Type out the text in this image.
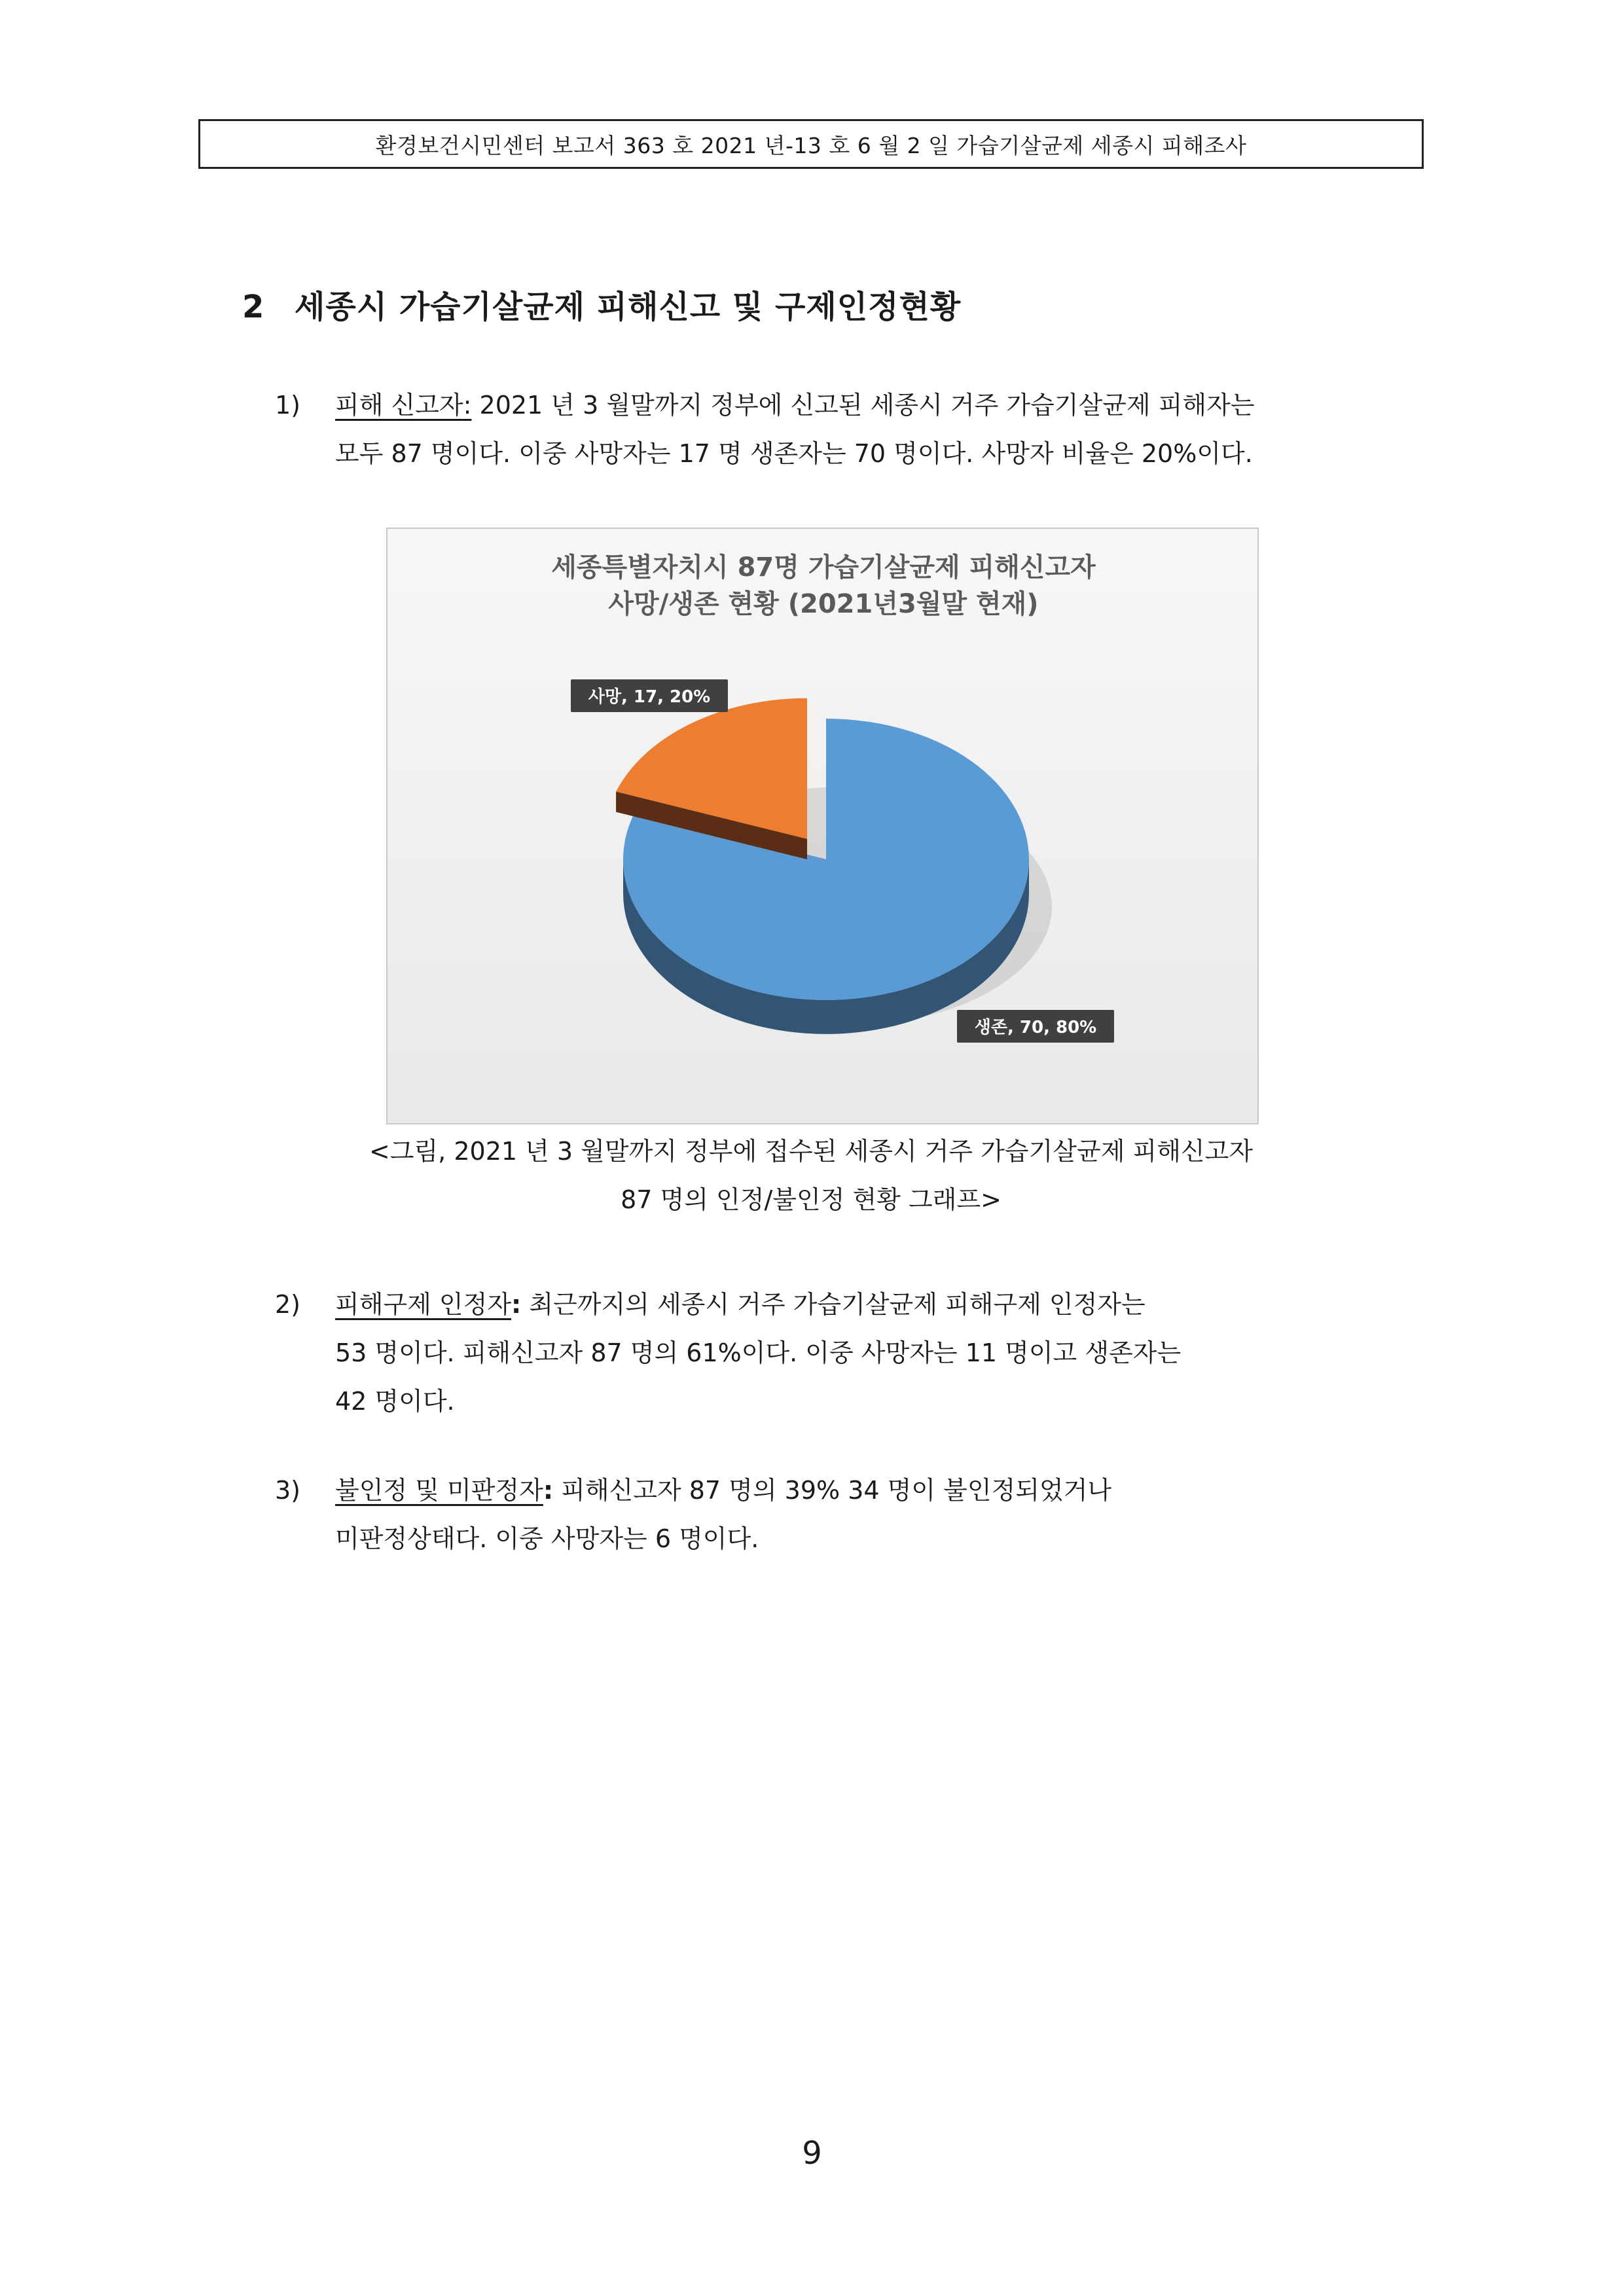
환경보건시민센터 보고서 363 호 2021 년-13 호 6 월 2 일 가습기살균제 세종시 피해조사
2 세종시 가습기살균제 피해신고 및 구제인정현황
1) 피해 신고자: 2021 년 3 월말까지 정부에 신고된 세종시 거주 가습기살균제 피해자는
모두 87 명이다. 이중 사망자는 17 명 생존자는 70 명이다. 사망자 비율은 20%이다.
세종특별자치시 87명 가습기살균제 피해신고자
사망/생존 현황 (2021년3월말 현재)
사망, 17, 20%
생존, 70, 80%
<그림, 2021 년 3 월말까지 정부에 접수된 세종시 거주 가습기살균제 피해신고자
87 명의 인정/불인정 현황 그래프>
2) 피해구제 인정자: 최근까지의 세종시 거주 가습기살균제 피해구제 인정자는
53 명이다. 피해신고자 87 명의 61%이다. 이중 사망자는 11 명이고 생존자는
42 명이다.
3) 불인정 및 미판정자: 피해신고자 87 명의 39% 34 명이 불인정되었거나
미판정상태다. 이중 사망자는 6 명이다.
9
